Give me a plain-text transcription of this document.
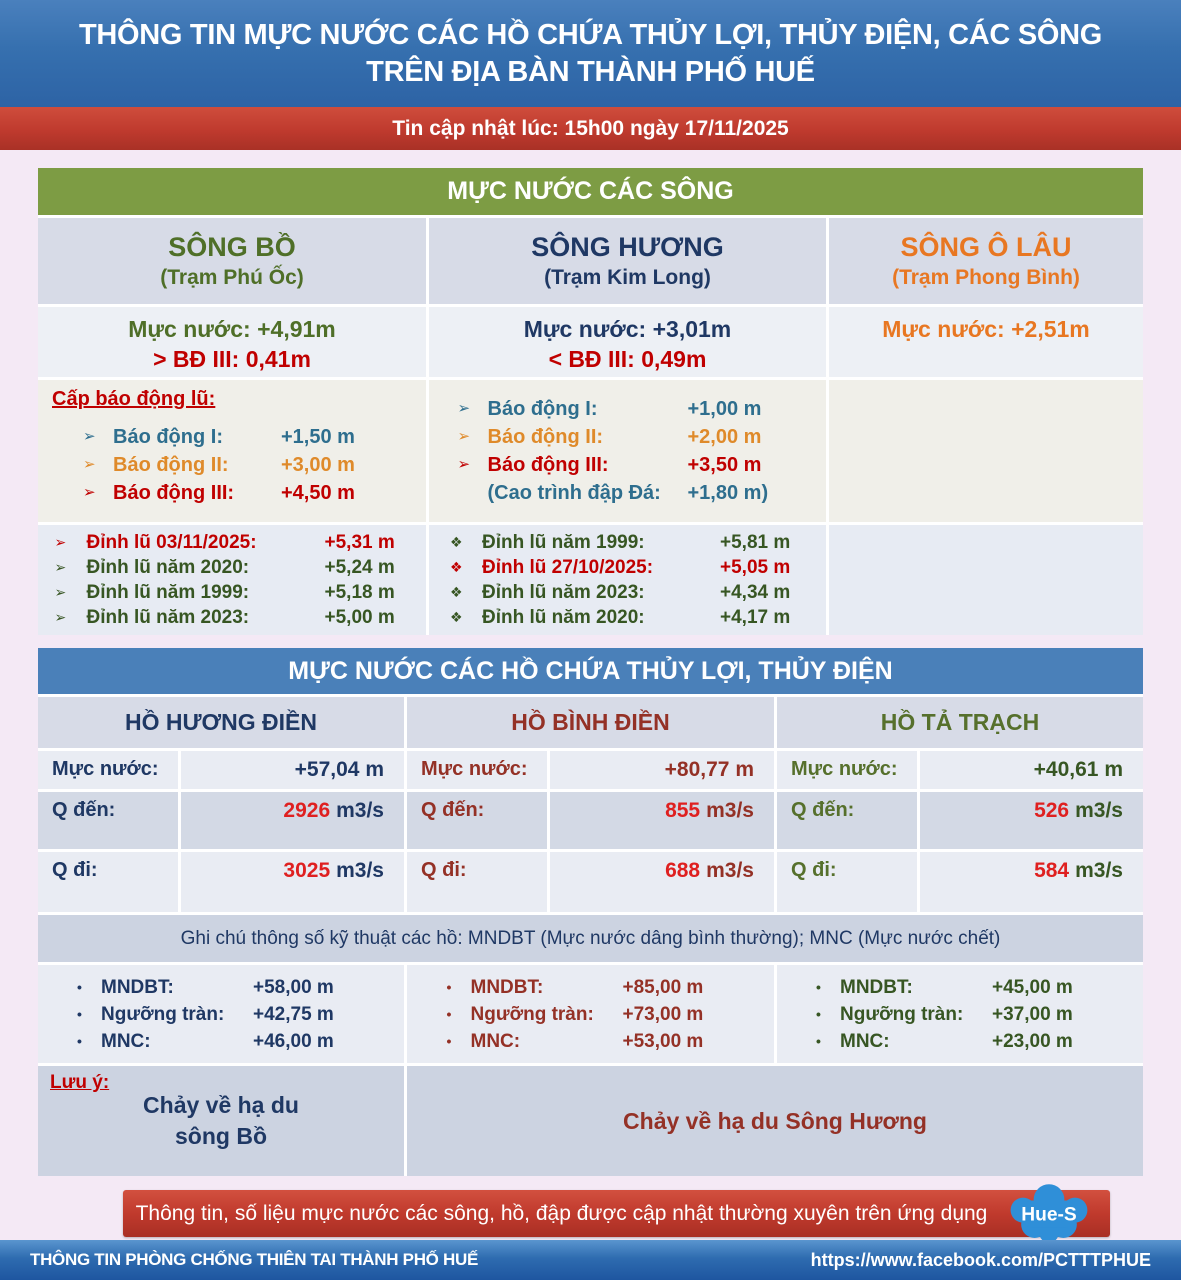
THÔNG TIN MỰC NƯỚC CÁC HỒ CHỨA THỦY LỢI, THỦY ĐIỆN, CÁC SÔNG
TRÊN ĐỊA BÀN THÀNH PHỐ HUẾ
Tin cập nhật lúc: 15h00 ngày 17/11/2025
MỰC NƯỚC CÁC SÔNG
SÔNG BỒ
(Trạm Phú Ốc)
SÔNG HƯƠNG
(Trạm Kim Long)
SÔNG Ô LÂU
(Trạm Phong Bình)
Mực nước: +4,91m
> BĐ III: 0,41m
Mực nước: +3,01m
< BĐ III: 0,49m
Mực nước: +2,51m
Cấp báo động lũ:
➢ Báo động I:	+1,50 m
➢ Báo động II:	+3,00 m
➢ Báo động III:	+4,50 m
➢ Báo động I:	+1,00 m
➢ Báo động II:	+2,00 m
➢ Báo động III:	+3,50 m
(Cao trình đập Đá:	+1,80 m)
➢	Đỉnh lũ 03/11/2025:	+5,31 m
➢	Đỉnh lũ năm 2020:	+5,24 m
➢	Đỉnh lũ năm 1999:	+5,18 m
➢	Đỉnh lũ năm 2023:	+5,00 m
❖	Đỉnh lũ năm 1999:	+5,81 m
❖	Đỉnh lũ 27/10/2025:	+5,05 m
❖	Đỉnh lũ năm 2023:	+4,34 m
❖	Đỉnh lũ năm 2020:	+4,17 m
MỰC NƯỚC CÁC HỒ CHỨA THỦY LỢI, THỦY ĐIỆN
HỒ HƯƠNG ĐIỀN	HỒ BÌNH ĐIỀN	HỒ TẢ TRẠCH
Mực nước:	+57,04 m	Mực nước:	+80,77 m	Mực nước:	+40,61 m
Q đến:	2926 m3/s	Q đến:	855 m3/s	Q đến:	526 m3/s
Q đi:	3025 m3/s	Q đi:	688 m3/s	Q đi:	584 m3/s
Ghi chú thông số kỹ thuật các hồ: MNDBT (Mực nước dâng bình thường); MNC (Mực nước chết)
•	MNDBT:	+58,00 m
•	Ngưỡng tràn:	+42,75 m
•	MNC:	+46,00 m
•	MNDBT:	+85,00 m
•	Ngưỡng tràn:	+73,00 m
•	MNC:	+53,00 m
•	MNDBT:	+45,00 m
•	Ngưỡng tràn:	+37,00 m
•	MNC:	+23,00 m
Lưu ý:
Chảy về hạ du
sông Bồ
Chảy về hạ du Sông Hương
Thông tin, số liệu mực nước các sông, hồ, đập được cập nhật thường xuyên trên ứng dụng Hue-S
THÔNG TIN PHÒNG CHỐNG THIÊN TAI THÀNH PHỐ HUẾ	https://www.facebook.com/PCTTTPHUE
